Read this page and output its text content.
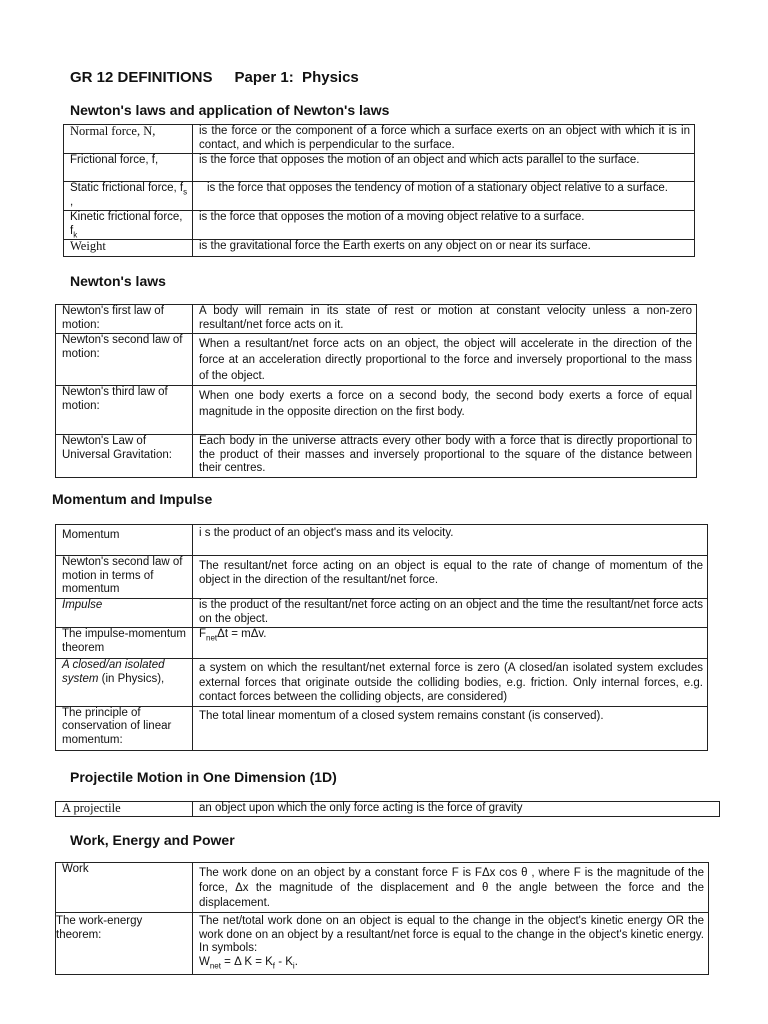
GR 12 DEFINITIONS Paper 1:  Physics
Newton's laws and application of Newton's laws
Normal force, N,	is the force or the component of a force which a surface exerts on an object with which it is in contact, and which is perpendicular to the surface.
Frictional force, f,	is the force that opposes the motion of an object and which acts parallel to the surface.
Static frictional force, $f_s$ ,	is the force that opposes the tendency of motion of a stationary object relative to a surface.
Kinetic frictional force, $f_k$	is the force that opposes the motion of a moving object relative to a surface.
Weight	is the gravitational force the Earth exerts on any object on or near its surface.
Newton's laws
Newton's first law of motion:	A body will remain in its state of rest or motion at constant velocity unless a non-zero resultant/net force acts on it.
Newton's second law of motion:	When a resultant/net force acts on an object, the object will accelerate in the direction of the force at an acceleration directly proportional to the force and inversely proportional to the mass of the object.
Newton's third law of motion:	When one body exerts a force on a second body, the second body exerts a force of equal magnitude in the opposite direction on the first body.
Newton's Law of Universal Gravitation:	Each body in the universe attracts every other body with a force that is directly proportional to the product of their masses and inversely proportional to the square of the distance between their centres.
Momentum and Impulse
Momentum	i s the product of an object's mass and its velocity.
Newton's second law of motion in terms of momentum	The resultant/net force acting on an object is equal to the rate of change of momentum of the object in the direction of the resultant/net force.
Impulse	is the product of the resultant/net force acting on an object and the time the resultant/net force acts on the object.
The impulse-momentum theorem	$F_{net}\Delta t = m\Delta v$.
A closed/an isolated system (in Physics),	a system on which the resultant/net external force is zero (A closed/an isolated system excludes external forces that originate outside the colliding bodies, e.g. friction. Only internal forces, e.g. contact forces between the colliding objects, are considered)
The principle of conservation of linear momentum:	The total linear momentum of a closed system remains constant (is conserved).
Projectile Motion in One Dimension (1D)
A projectile	an object upon which the only force acting is the force of gravity
Work, Energy and Power
Work	The work done on an object by a constant force F is FΔx cos θ , where F is the magnitude of the force, Δx the magnitude of the displacement and θ the angle between the force and the displacement.
The work-energy theorem:	The net/total work done on an object is equal to the change in the object's kinetic energy OR the work done on an object by a resultant/net force is equal to the change in the object's kinetic energy. In symbols:
$W_{net} = \Delta$ $K = K_f - K_i$.
